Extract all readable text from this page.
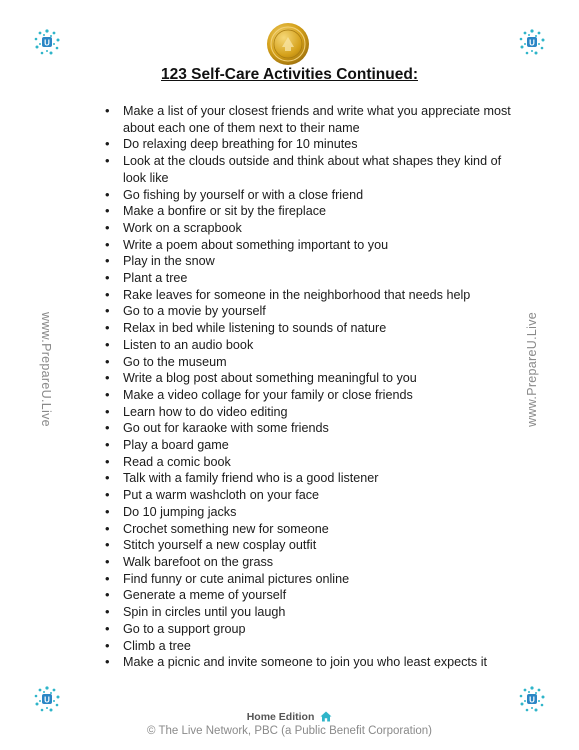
U	U
U	U
123 Self-Care Activities Continued:
www.PrepareU.Live	www.PrepareU.Live
• Make a list of your closest friends and write what you appreciate most about each one of them next to their name
• Do relaxing deep breathing for 10 minutes
• Look at the clouds outside and think about what shapes they kind of look like
• Go fishing by yourself or with a close friend
• Make a bonfire or sit by the fireplace
• Work on a scrapbook
• Write a poem about something important to you
• Play in the snow
• Plant a tree
• Rake leaves for someone in the neighborhood that needs help
• Go to a movie by yourself
• Relax in bed while listening to sounds of nature
• Listen to an audio book
• Go to the museum
• Write a blog post about something meaningful to you
• Make a video collage for your family or close friends
• Learn how to do video editing
• Go out for karaoke with some friends
• Play a board game
• Read a comic book
• Talk with a family friend who is a good listener
• Put a warm washcloth on your face
• Do 10 jumping jacks
• Crochet something new for someone
• Stitch yourself a new cosplay outfit
• Walk barefoot on the grass
• Find funny or cute animal pictures online
• Generate a meme of yourself
• Spin in circles until you laugh
• Go to a support group
• Climb a tree
• Make a picnic and invite someone to join you who least expects it
Home Edition
© The Live Network, PBC (a Public Benefit Corporation)
